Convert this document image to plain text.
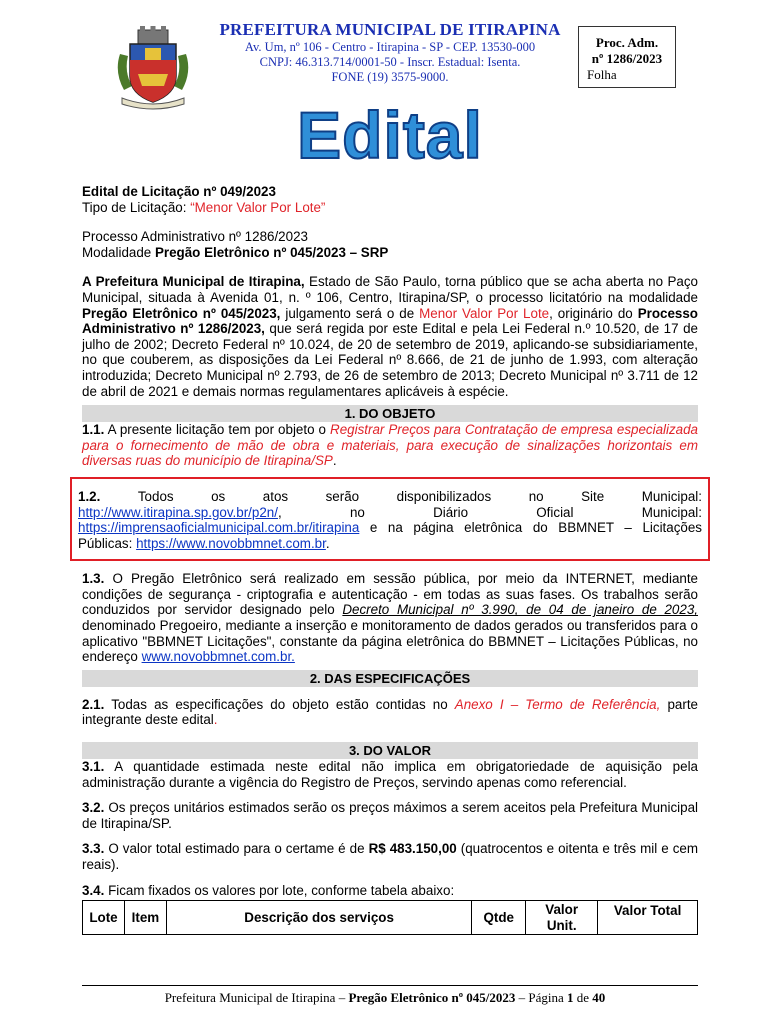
PREFEITURA MUNICIPAL DE ITIRAPINA
Av. Um, nº 106 - Centro - Itirapina - SP - CEP. 13530-000
CNPJ: 46.313.714/0001-50 - Inscr. Estadual: Isenta.
FONE (19) 3575-9000.
Proc. Adm.
nº 1286/2023
Folha
Edital

Edital de Licitação nº 049/2023

Tipo de Licitação: “Menor Valor Por Lote”

Processo Administrativo nº 1286/2023

Modalidade Pregão Eletrônico nº 045/2023 – SRP

A Prefeitura Municipal de Itirapina, Estado de São Paulo, torna público que se acha aberta no Paço Municipal, situada à Avenida 01, n. º 106, Centro, Itirapina/SP, o processo licitatório na modalidade Pregão Eletrônico nº 045/2023, julgamento será o de Menor Valor Por Lote, originário do Processo Administrativo nº 1286/2023, que será regida por este Edital e pela Lei Federal n.º 10.520, de 17 de julho de 2002; Decreto Federal nº 10.024, de 20 de setembro de 2019, aplicando-se subsidiariamente, no que couberem, as disposições da Lei Federal nº 8.666, de 21 de junho de 1.993, com alteração introduzida; Decreto Municipal nº 2.793, de 26 de setembro de 2013; Decreto Municipal nº 3.711 de 12 de abril de 2021 e demais normas regulamentares aplicáveis à espécie.

1. DO OBJETO

1.1. A presente licitação tem por objeto o Registrar Preços para Contratação de empresa especializada para o fornecimento de mão de obra e materiais, para execução de sinalizações horizontais em diversas ruas do município de Itirapina/SP.

1.2.	Todos	os	atos	serão	disponibilizados	no	Site	Municipal:
http://www.itirapina.sp.gov.br/p2n/,	no	Diário	Oficial	Municipal:

https://imprensaoficialmunicipal.com.br/itirapina e na página eletrônica do BBMNET – Licitações Públicas: https://www.novobbmnet.com.br.

1.3. O Pregão Eletrônico será realizado em sessão pública, por meio da INTERNET, mediante condições de segurança - criptografia e autenticação - em todas as suas fases. Os trabalhos serão conduzidos por servidor designado pelo Decreto Municipal nº 3.990, de 04 de janeiro de 2023, denominado Pregoeiro, mediante a inserção e monitoramento de dados gerados ou transferidos para o aplicativo "BBMNET Licitações", constante da página eletrônica do BBMNET – Licitações Públicas, no endereço www.novobbmnet.com.br.

2. DAS ESPECIFICAÇÕES

2.1. Todas as especificações do objeto estão contidas no Anexo I – Termo de Referência, parte integrante deste edital.

3. DO VALOR

3.1. A quantidade estimada neste edital não implica em obrigatoriedade de aquisição pela administração durante a vigência do Registro de Preços, servindo apenas como referencial.

3.2. Os preços unitários estimados serão os preços máximos a serem aceitos pela Prefeitura Municipal de Itirapina/SP.

3.3. O valor total estimado para o certame é de R$ 483.150,00 (quatrocentos e oitenta e três mil e cem reais).

3.4. Ficam fixados os valores por lote, conforme tabela abaixo:

Lote	Item	Descrição dos serviços	Qtde	Valor Unit.	Valor Total
Prefeitura Municipal de Itirapina – Pregão Eletrônico nº 045/2023 – Página 1 de 40
